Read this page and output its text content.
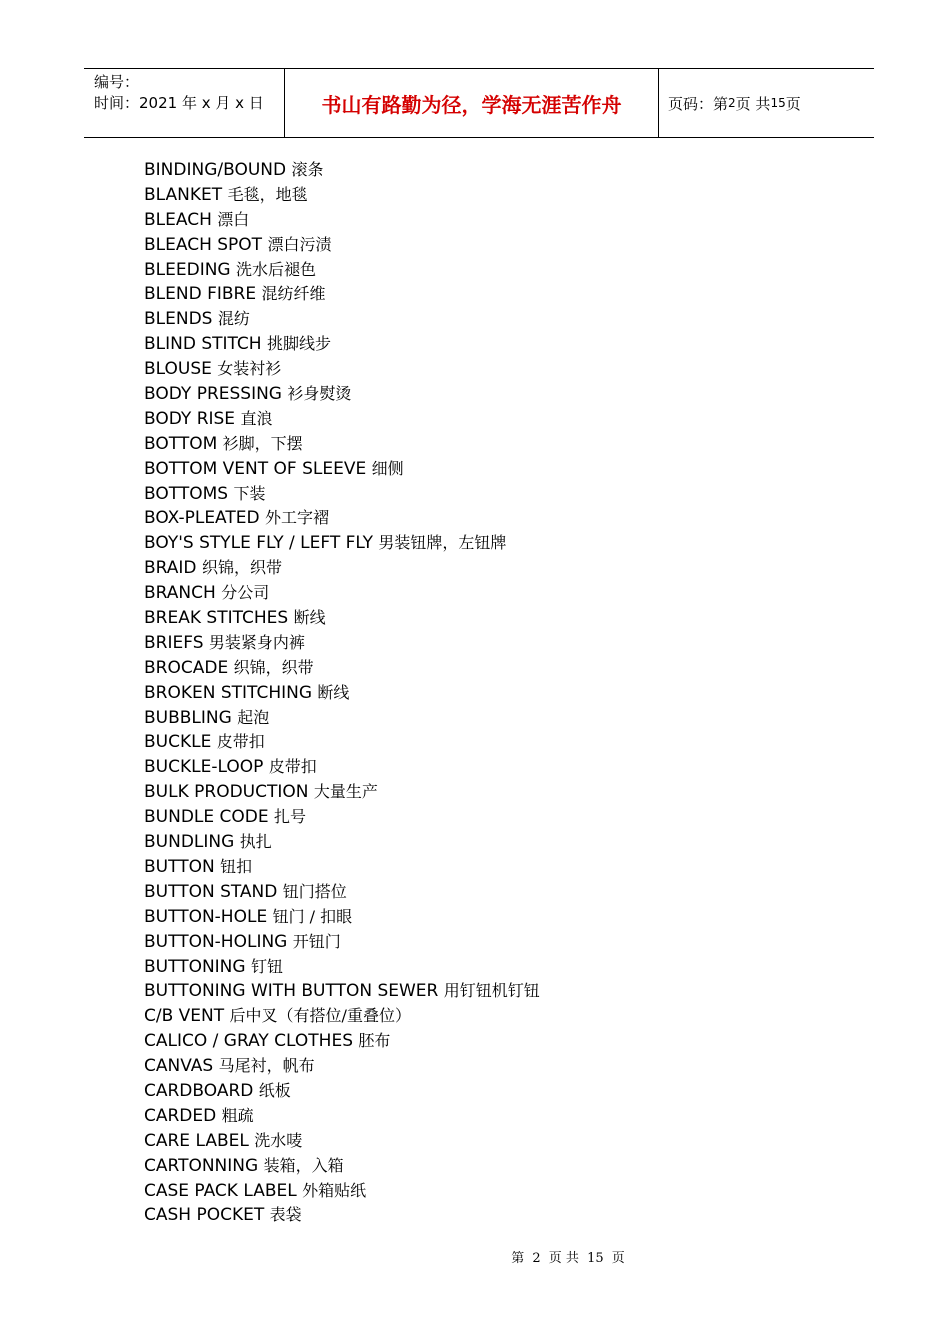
编号：
时间：2021 年 x 月 x 日	书山有路勤为径，学海无涯苦作舟	页码：第 2 页 共 15 页
BINDING/BOUND 滚条
BLANKET 毛毯，地毯
BLEACH 漂白
BLEACH SPOT 漂白污渍
BLEEDING 洗水后褪色
BLEND FIBRE 混纺纤维
BLENDS 混纺
BLIND STITCH 挑脚线步
BLOUSE 女装衬衫
BODY PRESSING 衫身熨烫
BODY RISE 直浪
BOTTOM 衫脚，下摆
BOTTOM VENT OF SLEEVE 细侧
BOTTOMS 下装
BOX-PLEATED 外工字褶
BOY'S STYLE FLY / LEFT FLY 男装钮牌，左钮牌
BRAID 织锦，织带
BRANCH 分公司
BREAK STITCHES 断线
BRIEFS 男装紧身内裤
BROCADE 织锦，织带
BROKEN STITCHING 断线
BUBBLING 起泡
BUCKLE 皮带扣
BUCKLE-LOOP 皮带扣
BULK PRODUCTION 大量生产
BUNDLE CODE 扎号
BUNDLING 执扎
BUTTON 钮扣
BUTTON STAND 钮门搭位
BUTTON-HOLE 钮门 / 扣眼
BUTTON-HOLING 开钮门
BUTTONING 钉钮
BUTTONING WITH BUTTON SEWER 用钉钮机钉钮
C/B VENT 后中叉（有搭位/重叠位）
CALICO / GRAY CLOTHES 胚布
CANVAS 马尾衬，帆布
CARDBOARD 纸板
CARDED 粗疏
CARE LABEL 洗水唛
CARTONNING 装箱，入箱
CASE PACK LABEL 外箱贴纸
CASH POCKET 表袋
第 2 页 共 15 页
